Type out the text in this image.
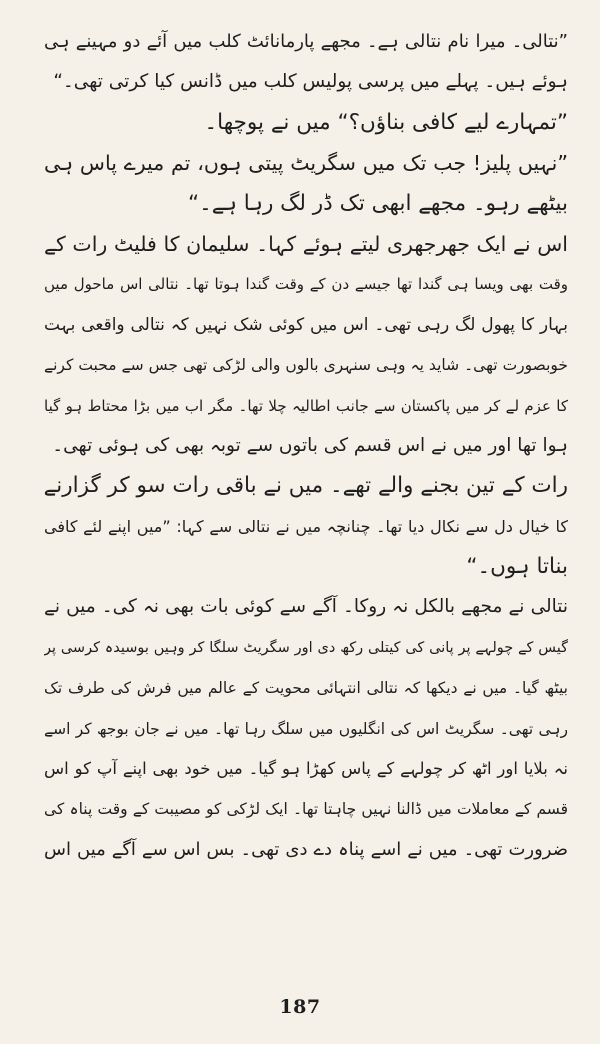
”نتالی۔ میرا نام نتالی ہے۔ مجھے پارمانائٹ کلب میں آئے دو مہینے ہی
ہوئے ہیں۔ پہلے میں پرسی پولیس کلب میں ڈانس کیا کرتی تھی۔“
”تمہارے لیے کافی بناؤں؟“ میں نے پوچھا۔
”نہیں پلیز! جب تک میں سگریٹ پیتی ہوں، تم میرے پاس ہی
بیٹھے رہو۔ مجھے ابھی تک ڈر لگ رہا ہے۔“
اس نے ایک جھرجھری لیتے ہوئے کہا۔ سلیمان کا فلیٹ رات کے
وقت بھی ویسا ہی گندا تھا جیسے دن کے وقت گندا ہوتا تھا۔ نتالی اس ماحول میں
بہار کا پھول لگ رہی تھی۔ اس میں کوئی شک نہیں کہ نتالی واقعی بہت
خوبصورت تھی۔ شاید یہ وہی سنہری بالوں والی لڑکی تھی جس سے محبت کرنے
کا عزم لے کر میں پاکستان سے جانب اطالیہ چلا تھا۔ مگر اب میں بڑا محتاط ہو گیا
ہوا تھا اور میں نے اس قسم کی باتوں سے توبہ بھی کی ہوئی تھی۔
رات کے تین بجنے والے تھے۔ میں نے باقی رات سو کر گزارنے
کا خیال دل سے نکال دیا تھا۔ چنانچہ میں نے نتالی سے کہا: ”میں اپنے لئے کافی
بناتا ہوں۔“
نتالی نے مجھے بالکل نہ روکا۔ آگے سے کوئی بات بھی نہ کی۔ میں نے
گیس کے چولہے پر پانی کی کیتلی رکھ دی اور سگریٹ سلگا کر وہیں بوسیدہ کرسی پر
بیٹھ گیا۔ میں نے دیکھا کہ نتالی انتہائی محویت کے عالم میں فرش کی طرف تک
رہی تھی۔ سگریٹ اس کی انگلیوں میں سلگ رہا تھا۔ میں نے جان بوجھ کر اسے
نہ بلایا اور اٹھ کر چولہے کے پاس کھڑا ہو گیا۔ میں خود بھی اپنے آپ کو اس
قسم کے معاملات میں ڈالنا نہیں چاہتا تھا۔ ایک لڑکی کو مصیبت کے وقت پناہ کی
ضرورت تھی۔ میں نے اسے پناہ دے دی تھی۔ بس اس سے آگے میں اس
187
